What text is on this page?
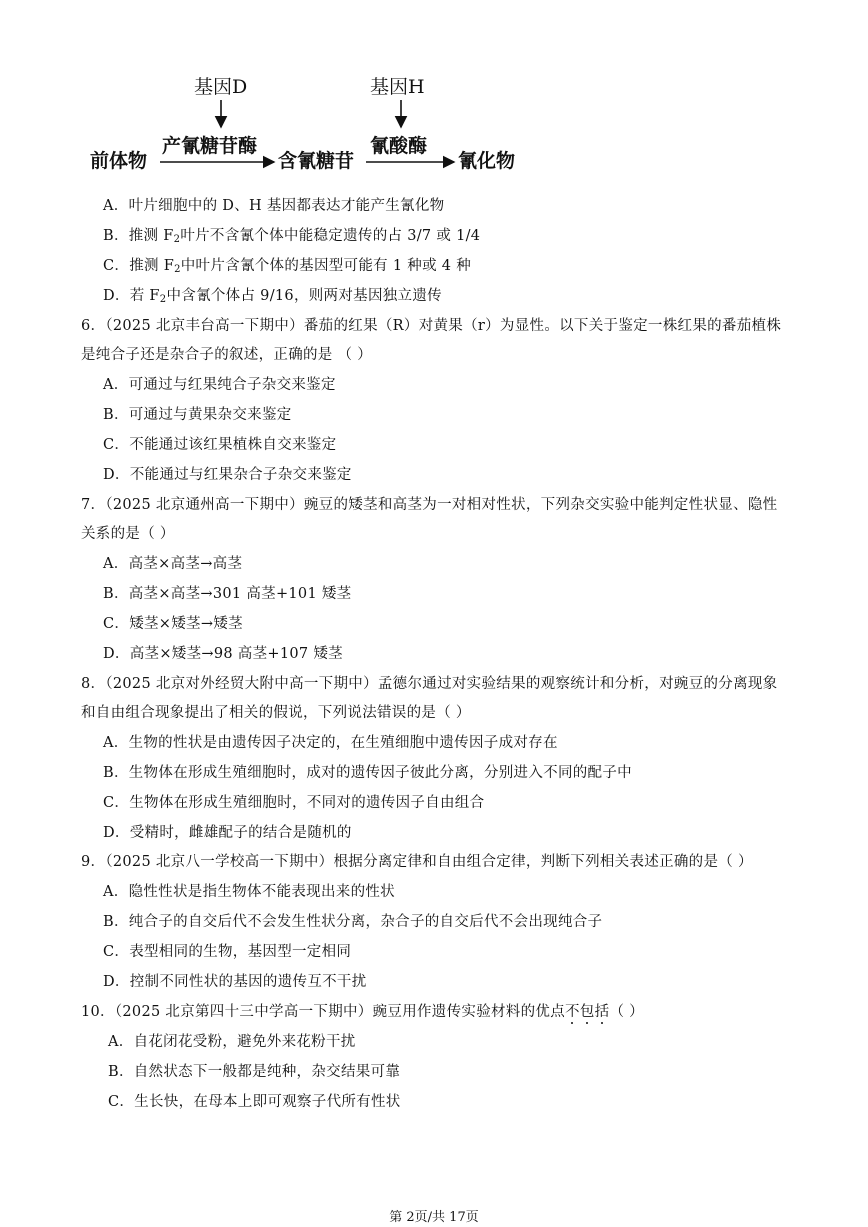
基因D	基因H
产氰糖苷酶	氰酸酶
前体物	含氰糖苷	氰化物
A．叶片细胞中的 D、H 基因都表达才能产生氰化物
B．推测 $F_2$叶片不含氰个体中能稳定遗传的占 3/7 或 1/4
C．推测 $F_2$中叶片含氰个体的基因型可能有 1 种或 4 种
D．若 $F_2$中含氰个体占 9/16，则两对基因独立遗传
6．（2025 北京丰台高一下期中）番茄的红果（R）对黄果（r）为显性。以下关于鉴定一株红果的番茄植株
是纯合子还是杂合子的叙述，正确的是 （ ）
A．可通过与红果纯合子杂交来鉴定
B．可通过与黄果杂交来鉴定
C．不能通过该红果植株自交来鉴定
D．不能通过与红果杂合子杂交来鉴定
7．（2025 北京通州高一下期中）豌豆的矮茎和高茎为一对相对性状，下列杂交实验中能判定性状显、隐性
关系的是（ ）
A．高茎×高茎→高茎
B．高茎×高茎→301 高茎+101 矮茎
C．矮茎×矮茎→矮茎
D．高茎×矮茎→98 高茎+107 矮茎
8．（2025 北京对外经贸大附中高一下期中）孟德尔通过对实验结果的观察统计和分析，对豌豆的分离现象
和自由组合现象提出了相关的假说，下列说法错误的是（ ）
A．生物的性状是由遗传因子决定的，在生殖细胞中遗传因子成对存在
B．生物体在形成生殖细胞时，成对的遗传因子彼此分离，分别进入不同的配子中
C．生物体在形成生殖细胞时，不同对的遗传因子自由组合
D．受精时，雌雄配子的结合是随机的
9．（2025 北京八一学校高一下期中）根据分离定律和自由组合定律，判断下列相关表述正确的是（ ）
A．隐性性状是指生物体不能表现出来的性状
B．纯合子的自交后代不会发生性状分离，杂合子的自交后代不会出现纯合子
C．表型相同的生物，基因型一定相同
D．控制不同性状的基因的遗传互不干扰
10．（2025 北京第四十三中学高一下期中）豌豆用作遗传实验材料的优点不包括（ ）
A．自花闭花受粉，避免外来花粉干扰
B．自然状态下一般都是纯种，杂交结果可靠
C．生长快，在母本上即可观察子代所有性状
第 2页/共 17页
